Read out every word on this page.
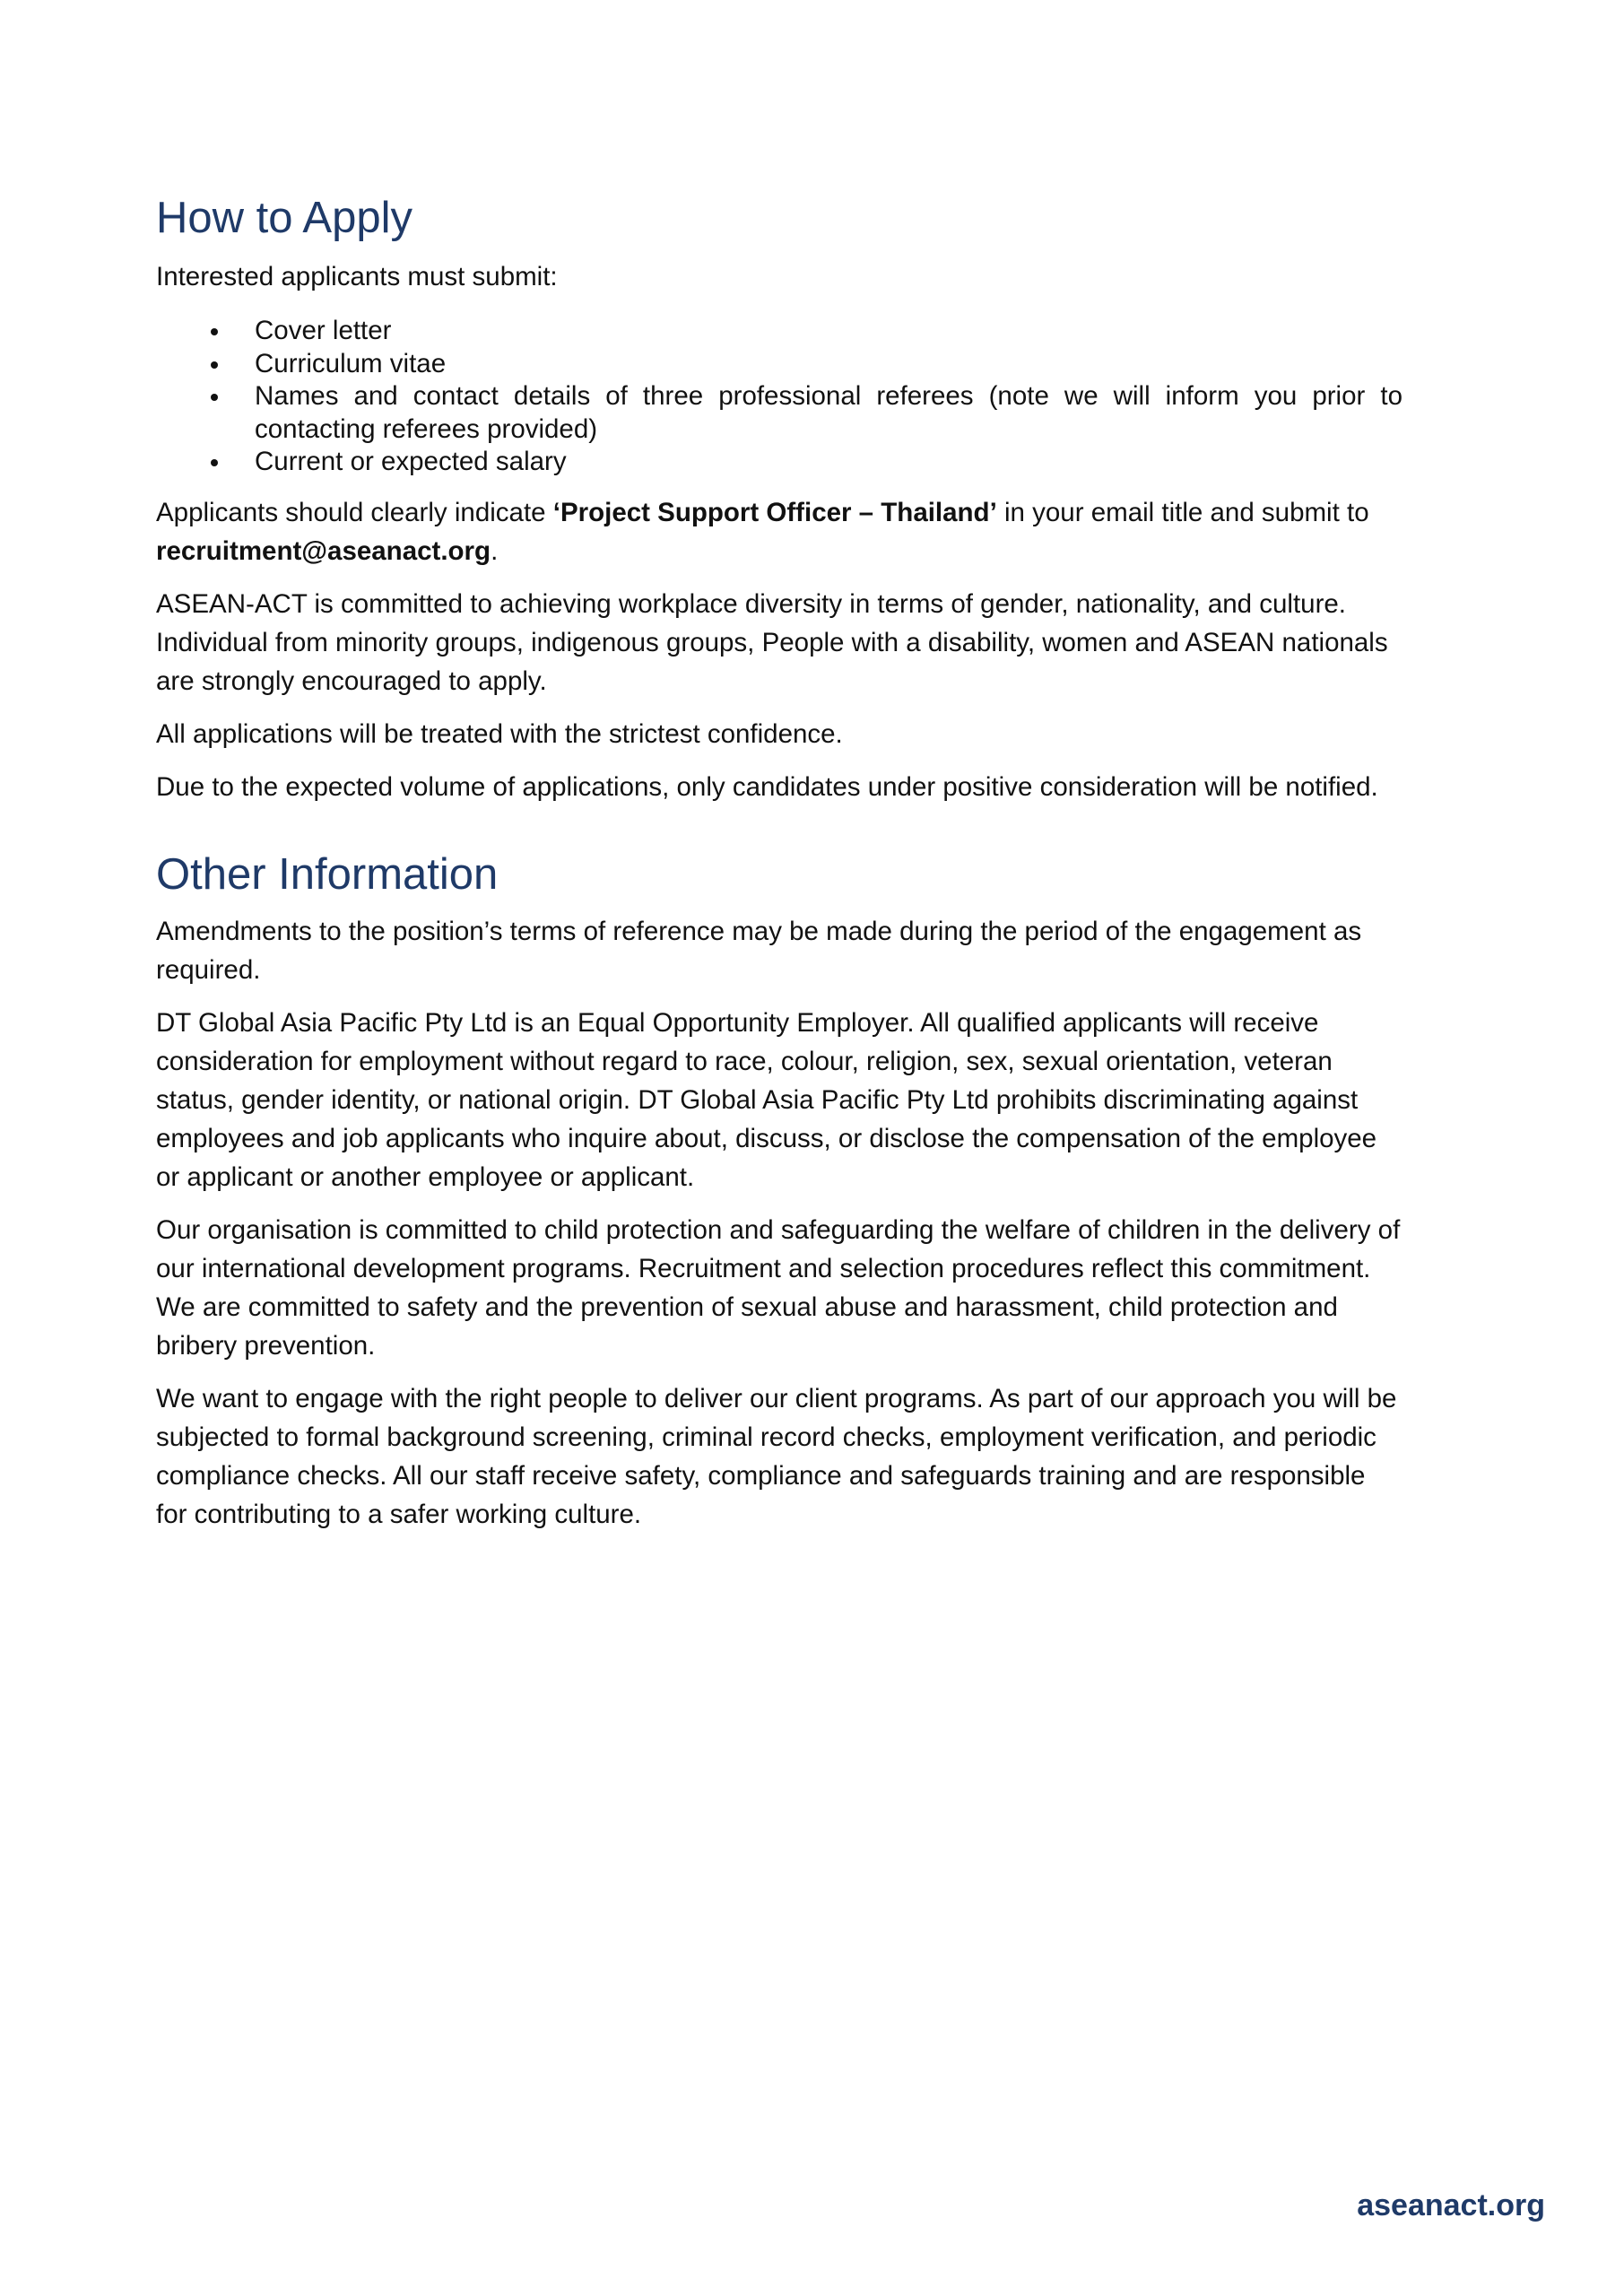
How to Apply

Interested applicants must submit:

Cover letter
Curriculum vitae
Names and contact details of three professional referees (note we will inform you prior to contacting referees provided)
Current or expected salary

Applicants should clearly indicate ‘Project Support Officer – Thailand’ in your email title and submit to recruitment@aseanact.org.

ASEAN-ACT is committed to achieving workplace diversity in terms of gender, nationality, and culture. Individual from minority groups, indigenous groups, People with a disability, women and ASEAN nationals are strongly encouraged to apply.

All applications will be treated with the strictest confidence.

Due to the expected volume of applications, only candidates under positive consideration will be notified.

Other Information

Amendments to the position’s terms of reference may be made during the period of the engagement as required.

DT Global Asia Pacific Pty Ltd is an Equal Opportunity Employer. All qualified applicants will receive consideration for employment without regard to race, colour, religion, sex, sexual orientation, veteran status, gender identity, or national origin. DT Global Asia Pacific Pty Ltd prohibits discriminating against employees and job applicants who inquire about, discuss, or disclose the compensation of the employee or applicant or another employee or applicant.

Our organisation is committed to child protection and safeguarding the welfare of children in the delivery of our international development programs. Recruitment and selection procedures reflect this commitment. We are committed to safety and the prevention of sexual abuse and harassment, child protection and bribery prevention.

We want to engage with the right people to deliver our client programs. As part of our approach you will be subjected to formal background screening, criminal record checks, employment verification, and periodic compliance checks. All our staff receive safety, compliance and safeguards training and are responsible for contributing to a safer working culture.

aseanact.org
